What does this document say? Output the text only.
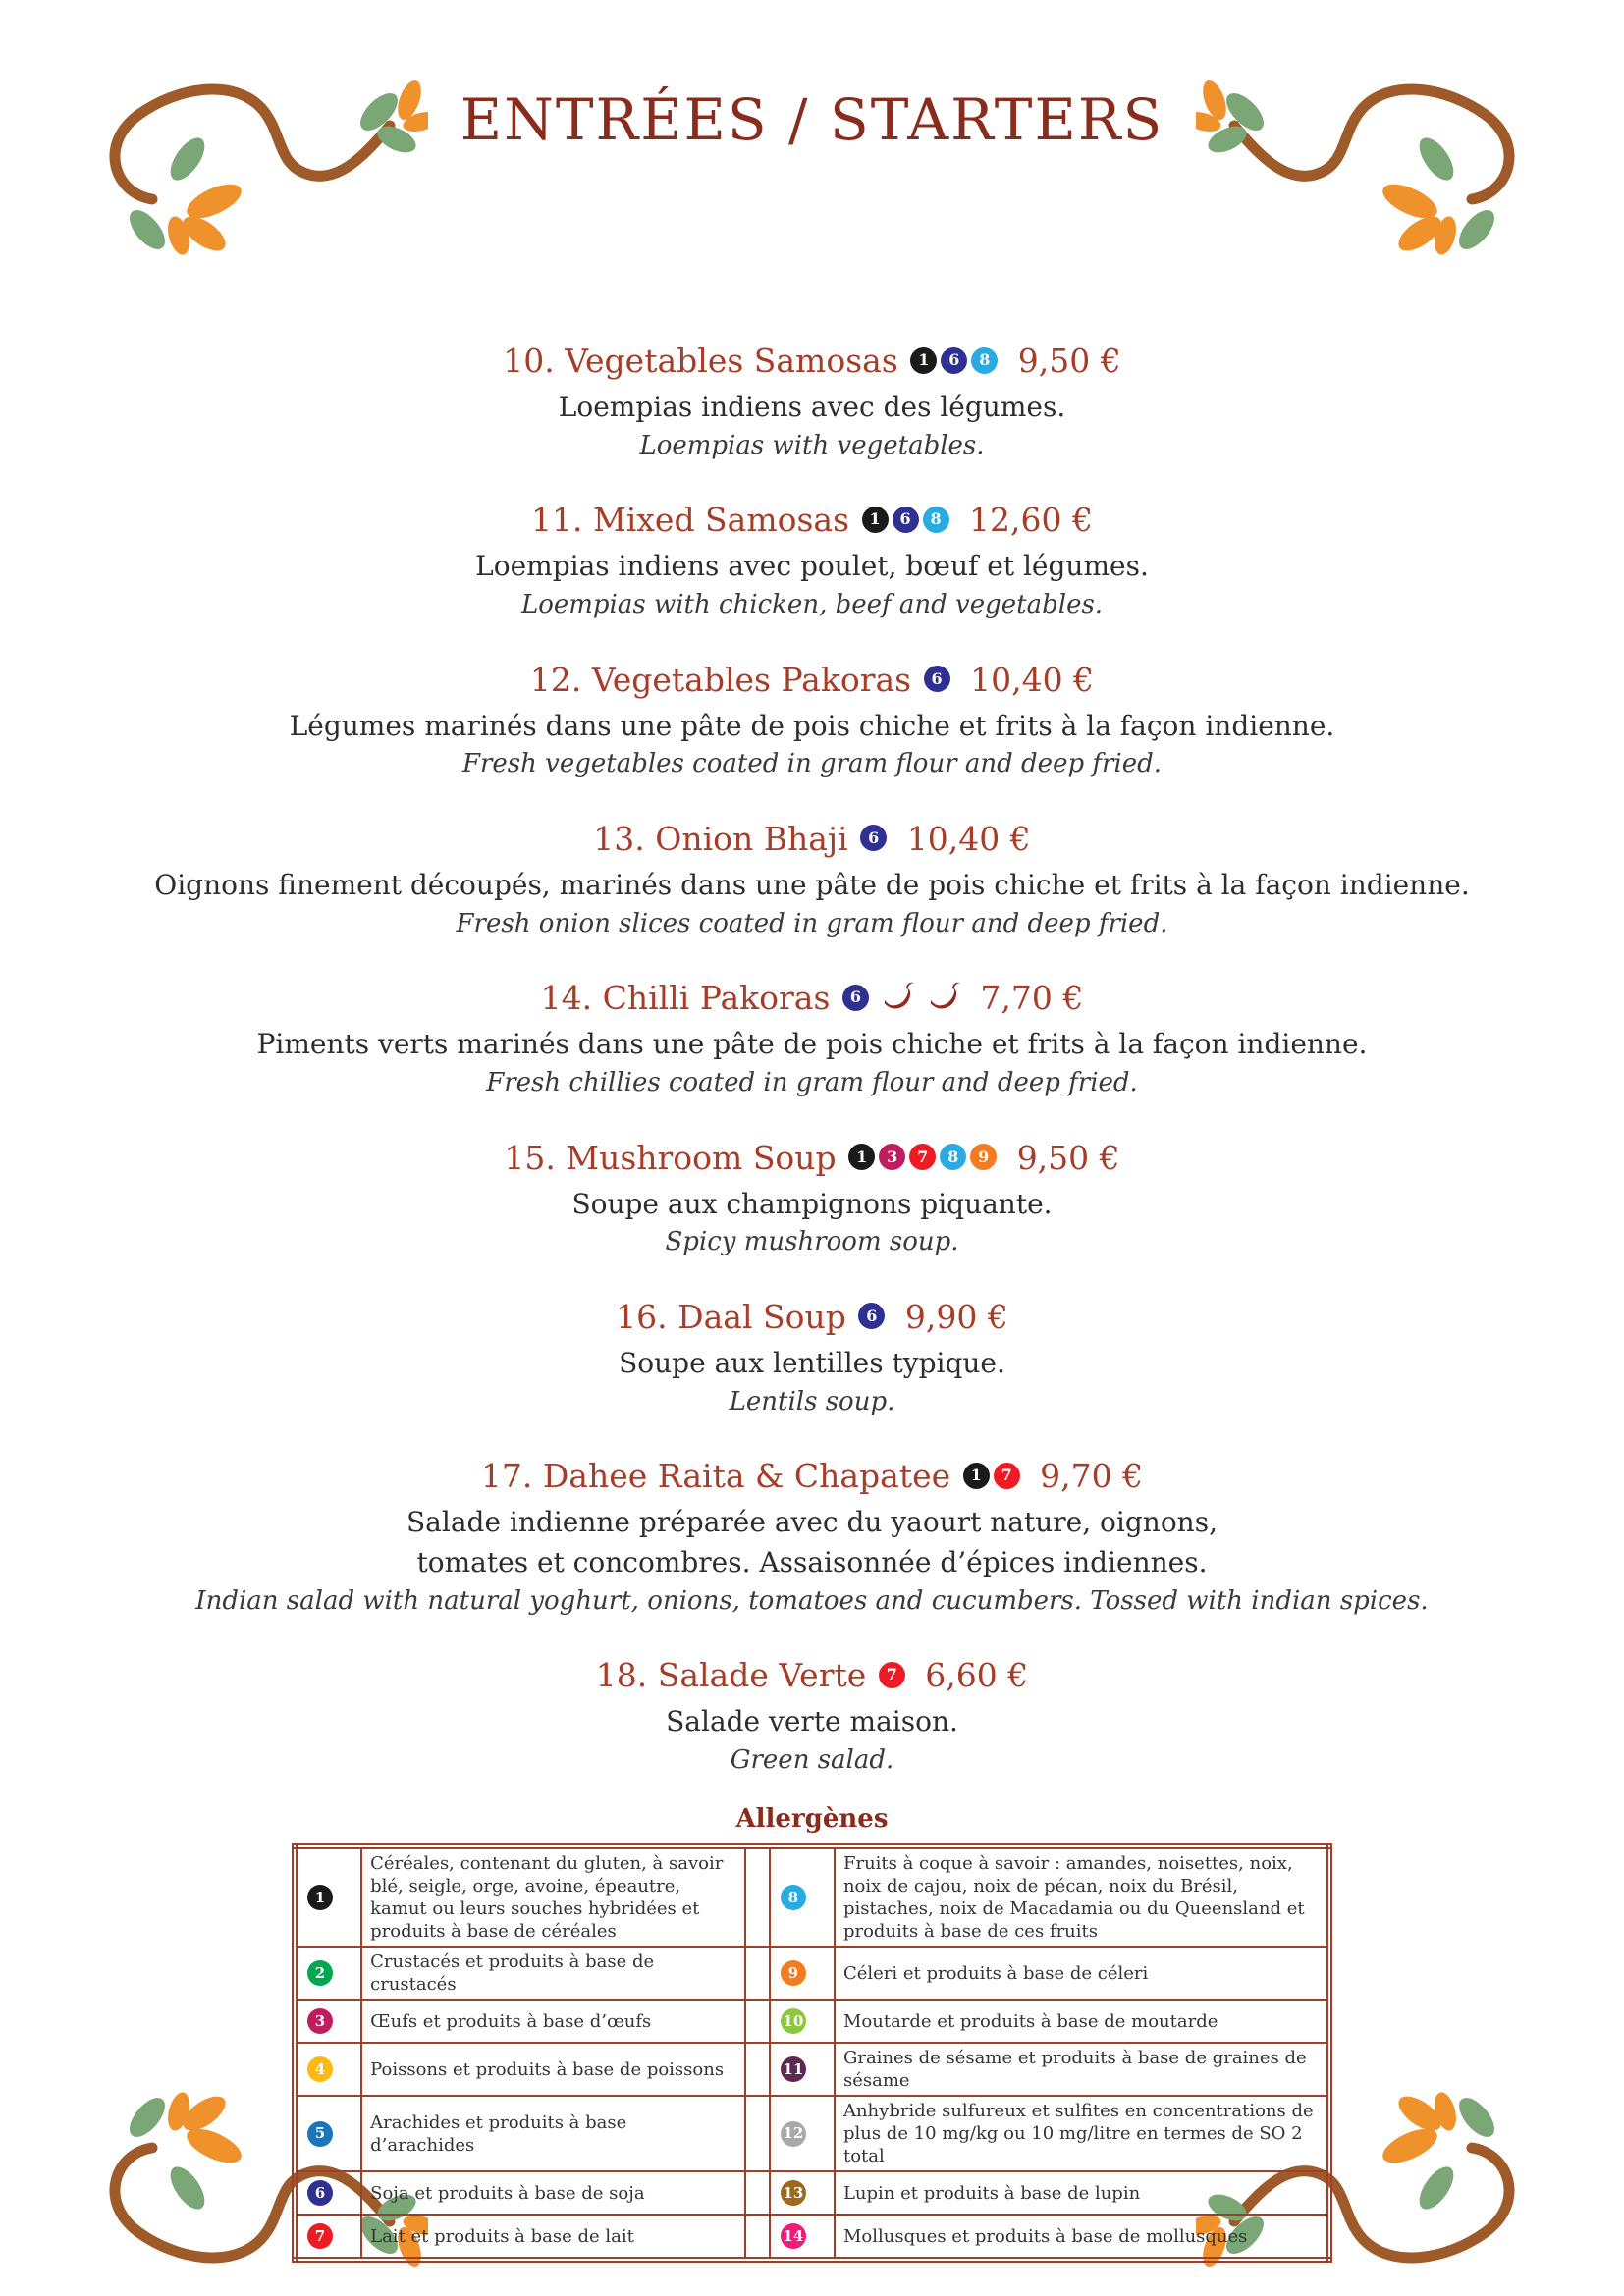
ENTRÉES / STARTERS
10. Vegetables Samosas 1 6 8 9,50 €
Loempias indiens avec des légumes.
Loempias with vegetables.
11. Mixed Samosas 1 6 8 12,60 €
Loempias indiens avec poulet, bœuf et légumes.
Loempias with chicken, beef and vegetables.
12. Vegetables Pakoras 6 10,40 €
Légumes marinés dans une pâte de pois chiche et frits à la façon indienne.
Fresh vegetables coated in gram flour and deep fried.
13. Onion Bhaji 6 10,40 €
Oignons finement découpés, marinés dans une pâte de pois chiche et frits à la façon indienne.
Fresh onion slices coated in gram flour and deep fried.
14. Chilli Pakoras 6	7,70 €
Piments verts marinés dans une pâte de pois chiche et frits à la façon indienne.
Fresh chillies coated in gram flour and deep fried.
15. Mushroom Soup 1 3 7 8 9 9,50 €
Soupe aux champignons piquante.
Spicy mushroom soup.
16. Daal Soup 6 9,90 €
Soupe aux lentilles typique.
Lentils soup.
17. Dahee Raita & Chapatee 1 7 9,70 €
Salade indienne préparée avec du yaourt nature, oignons,
tomates et concombres. Assaisonnée d’épices indiennes.
Indian salad with natural yoghurt, onions, tomatoes and cucumbers. Tossed with indian spices.
18. Salade Verte 7 6,60 €
Salade verte maison.
Green salad.
Allergènes
1	Céréales, contenant du gluten, à savoir blé, seigle, orge, avoine, épeautre, kamut ou leurs souches hybridées et produits à base de céréales		8	Fruits à coque à savoir : amandes, noisettes, noix, noix de cajou, noix de pécan, noix du Brésil, pistaches, noix de Macadamia ou du Queensland et produits à base de ces fruits
2	Crustacés et produits à base de crustacés		9	Céleri et produits à base de céleri
3	Œufs et produits à base d’œufs		10	Moutarde et produits à base de moutarde
4	Poissons et produits à base de poissons		11	Graines de sésame et produits à base de graines de sésame
5	Arachides et produits à base d’arachides		12	Anhybride sulfureux et sulfites en concentrations de plus de 10 mg/kg ou 10 mg/litre en termes de SO 2 total
6	Soja et produits à base de soja		13	Lupin et produits à base de lupin
7	Lait et produits à base de lait		14	Mollusques et produits à base de mollusques
